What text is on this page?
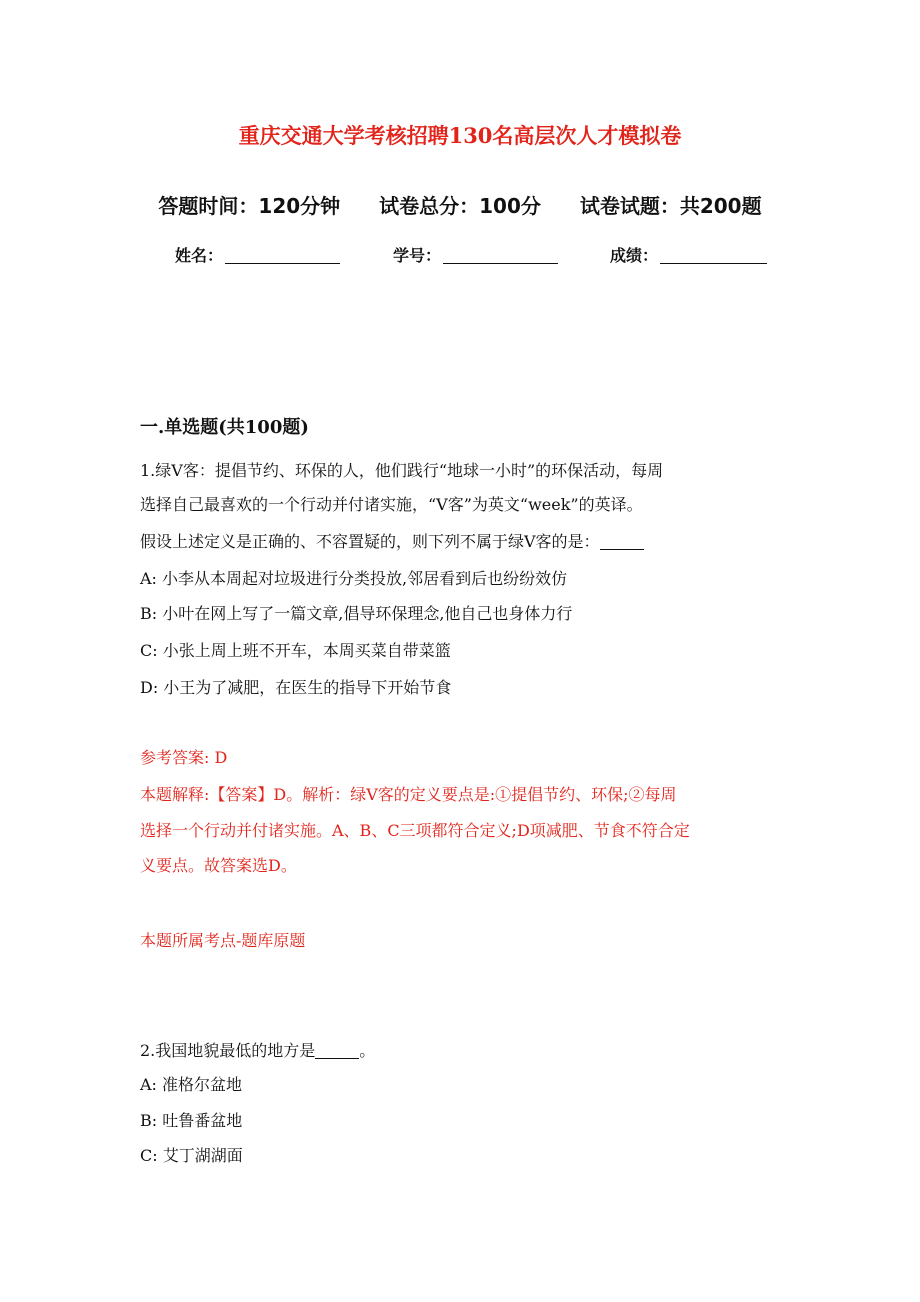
重庆交通大学考核招聘130名高层次人才模拟卷
答题时间：120分钟 试卷总分：100分 试卷试题：共200题
姓名：	学号：	成绩：
一.单选题(共100题)
1.绿V客：提倡节约、环保的人，他们践行“地球一小时”的环保活动，每周
选择自己最喜欢的一个行动并付诸实施，“V客”为英文“week”的英译。
假设上述定义是正确的、不容置疑的，则下列不属于绿V客的是：
A: 小李从本周起对垃圾进行分类投放,邻居看到后也纷纷效仿
B: 小叶在网上写了一篇文章,倡导环保理念,他自己也身体力行
C: 小张上周上班不开车，本周买菜自带菜篮
D: 小王为了减肥，在医生的指导下开始节食
参考答案: D
本题解释:【答案】D。解析：绿V客的定义要点是:①提倡节约、环保;②每周
选择一个行动并付诸实施。A、B、C三项都符合定义;D项减肥、节食不符合定
义要点。故答案选D。
本题所属考点-题库原题
2.我国地貌最低的地方是	。
A: 准格尔盆地
B: 吐鲁番盆地
C: 艾丁湖湖面
